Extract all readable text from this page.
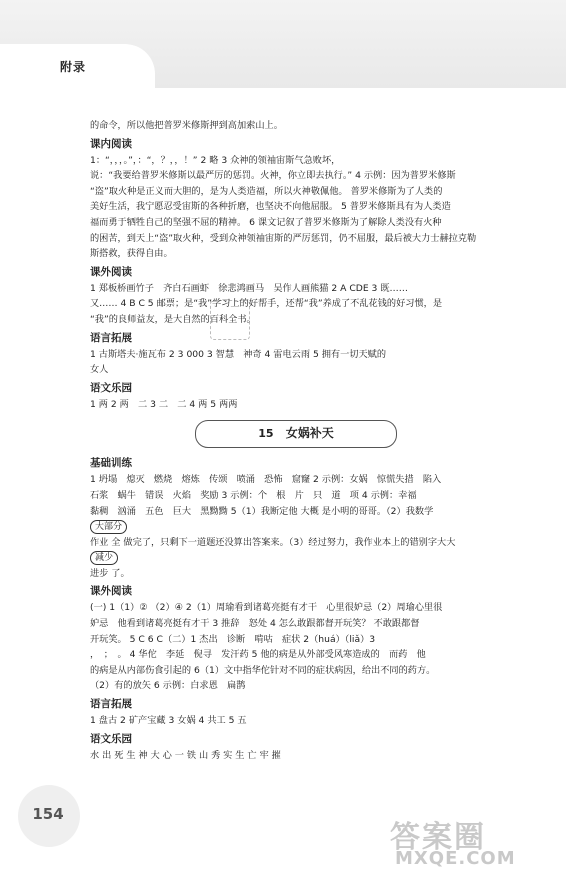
附录

的命令，所以他把普罗米修斯押到高加索山上。

课内阅读

1：“，，，。”，：“，？，，！” 2 略 3 众神的领袖宙斯气急败坏，

说：“我要给普罗米修斯以最严厉的惩罚。火神，你立即去执行。” 4 示例：因为普罗米修斯

“盗”取火种是正义而大胆的，是为人类造福，所以火神敬佩他。 普罗米修斯为了人类的

美好生活，我宁愿忍受宙斯的各种折磨，也坚决不向他屈服。 5 普罗米修斯具有为人类造

福而勇于牺牲自己的坚强不屈的精神。 6 课文记叙了普罗米修斯为了解除人类没有火种

的困苦，到天上“盗”取火种，受到众神领袖宙斯的严厉惩罚，仍不屈服，最后被大力士赫拉克勒

斯搭救，获得自由。

课外阅读

1 郑板桥画竹子　齐白石画虾　徐悲鸿画马　吴作人画熊猫 2 A CDE 3 既……

又…… 4 B C 5 邮票；是“我”学习上的好帮手，还帮“我”养成了不乱花钱的好习惯，是

“我”的良师益友，是大自然的百科全书。

语言拓展

1 古斯塔夫·施瓦布 2 3 000 3 智慧　神奇 4 雷电云雨 5 拥有一切天赋的

女人

语文乐园

1 两 2 两　二 3 二　二 4 两 5 两两

15 女娲补天
基础训练

1 坍塌　熄灭　燃烧　熔炼　传颂　喷涌　恐怖　窟窿 2 示例：女娲　惊慌失措　陷入

石浆　蜗牛　错误　火焰　奖励 3 示例：个　根　片　只　道　项 4 示例：幸福

黏稠　汹涌　五色　巨大　黑黝黝 5（1）我断定他 大概 是小明的哥哥。（2）我数学

大部分

作业 全 做完了，只剩下一道题还没算出答案来。（3）经过努力，我作业本上的错别字大大

减少

进步 了。

课外阅读

(一) 1（1）② （2）④ 2（1）周瑜看到诸葛亮挺有才干　心里很妒忌（2）周瑜心里很

妒忌　他看到诸葛亮挺有才干 3 推辞　怒处 4 怎么敢跟都督开玩笑？ 不敢跟都督

开玩笑。 5 C 6 C（二）1 杰出　诊断　啃咕　症状 2（huá）（liǎ）3

，　；　。 4 华佗　李延　倪寻　发汗药 5 他的病是从外部受风寒造成的　而药　他

的病是从内部伤食引起的 6（1）文中指华佗针对不同的症状病因，给出不同的药方。

（2）有的放矢 6 示例：白求恩　扁鹊

语言拓展

1 盘古 2 矿产宝藏 3 女娲 4 共工 5 五

语文乐园

水 出 死 生 神 大 心 一 铁 山 秀 实 生 亡 牢 摧

154
答案圈
MXQE.COM
